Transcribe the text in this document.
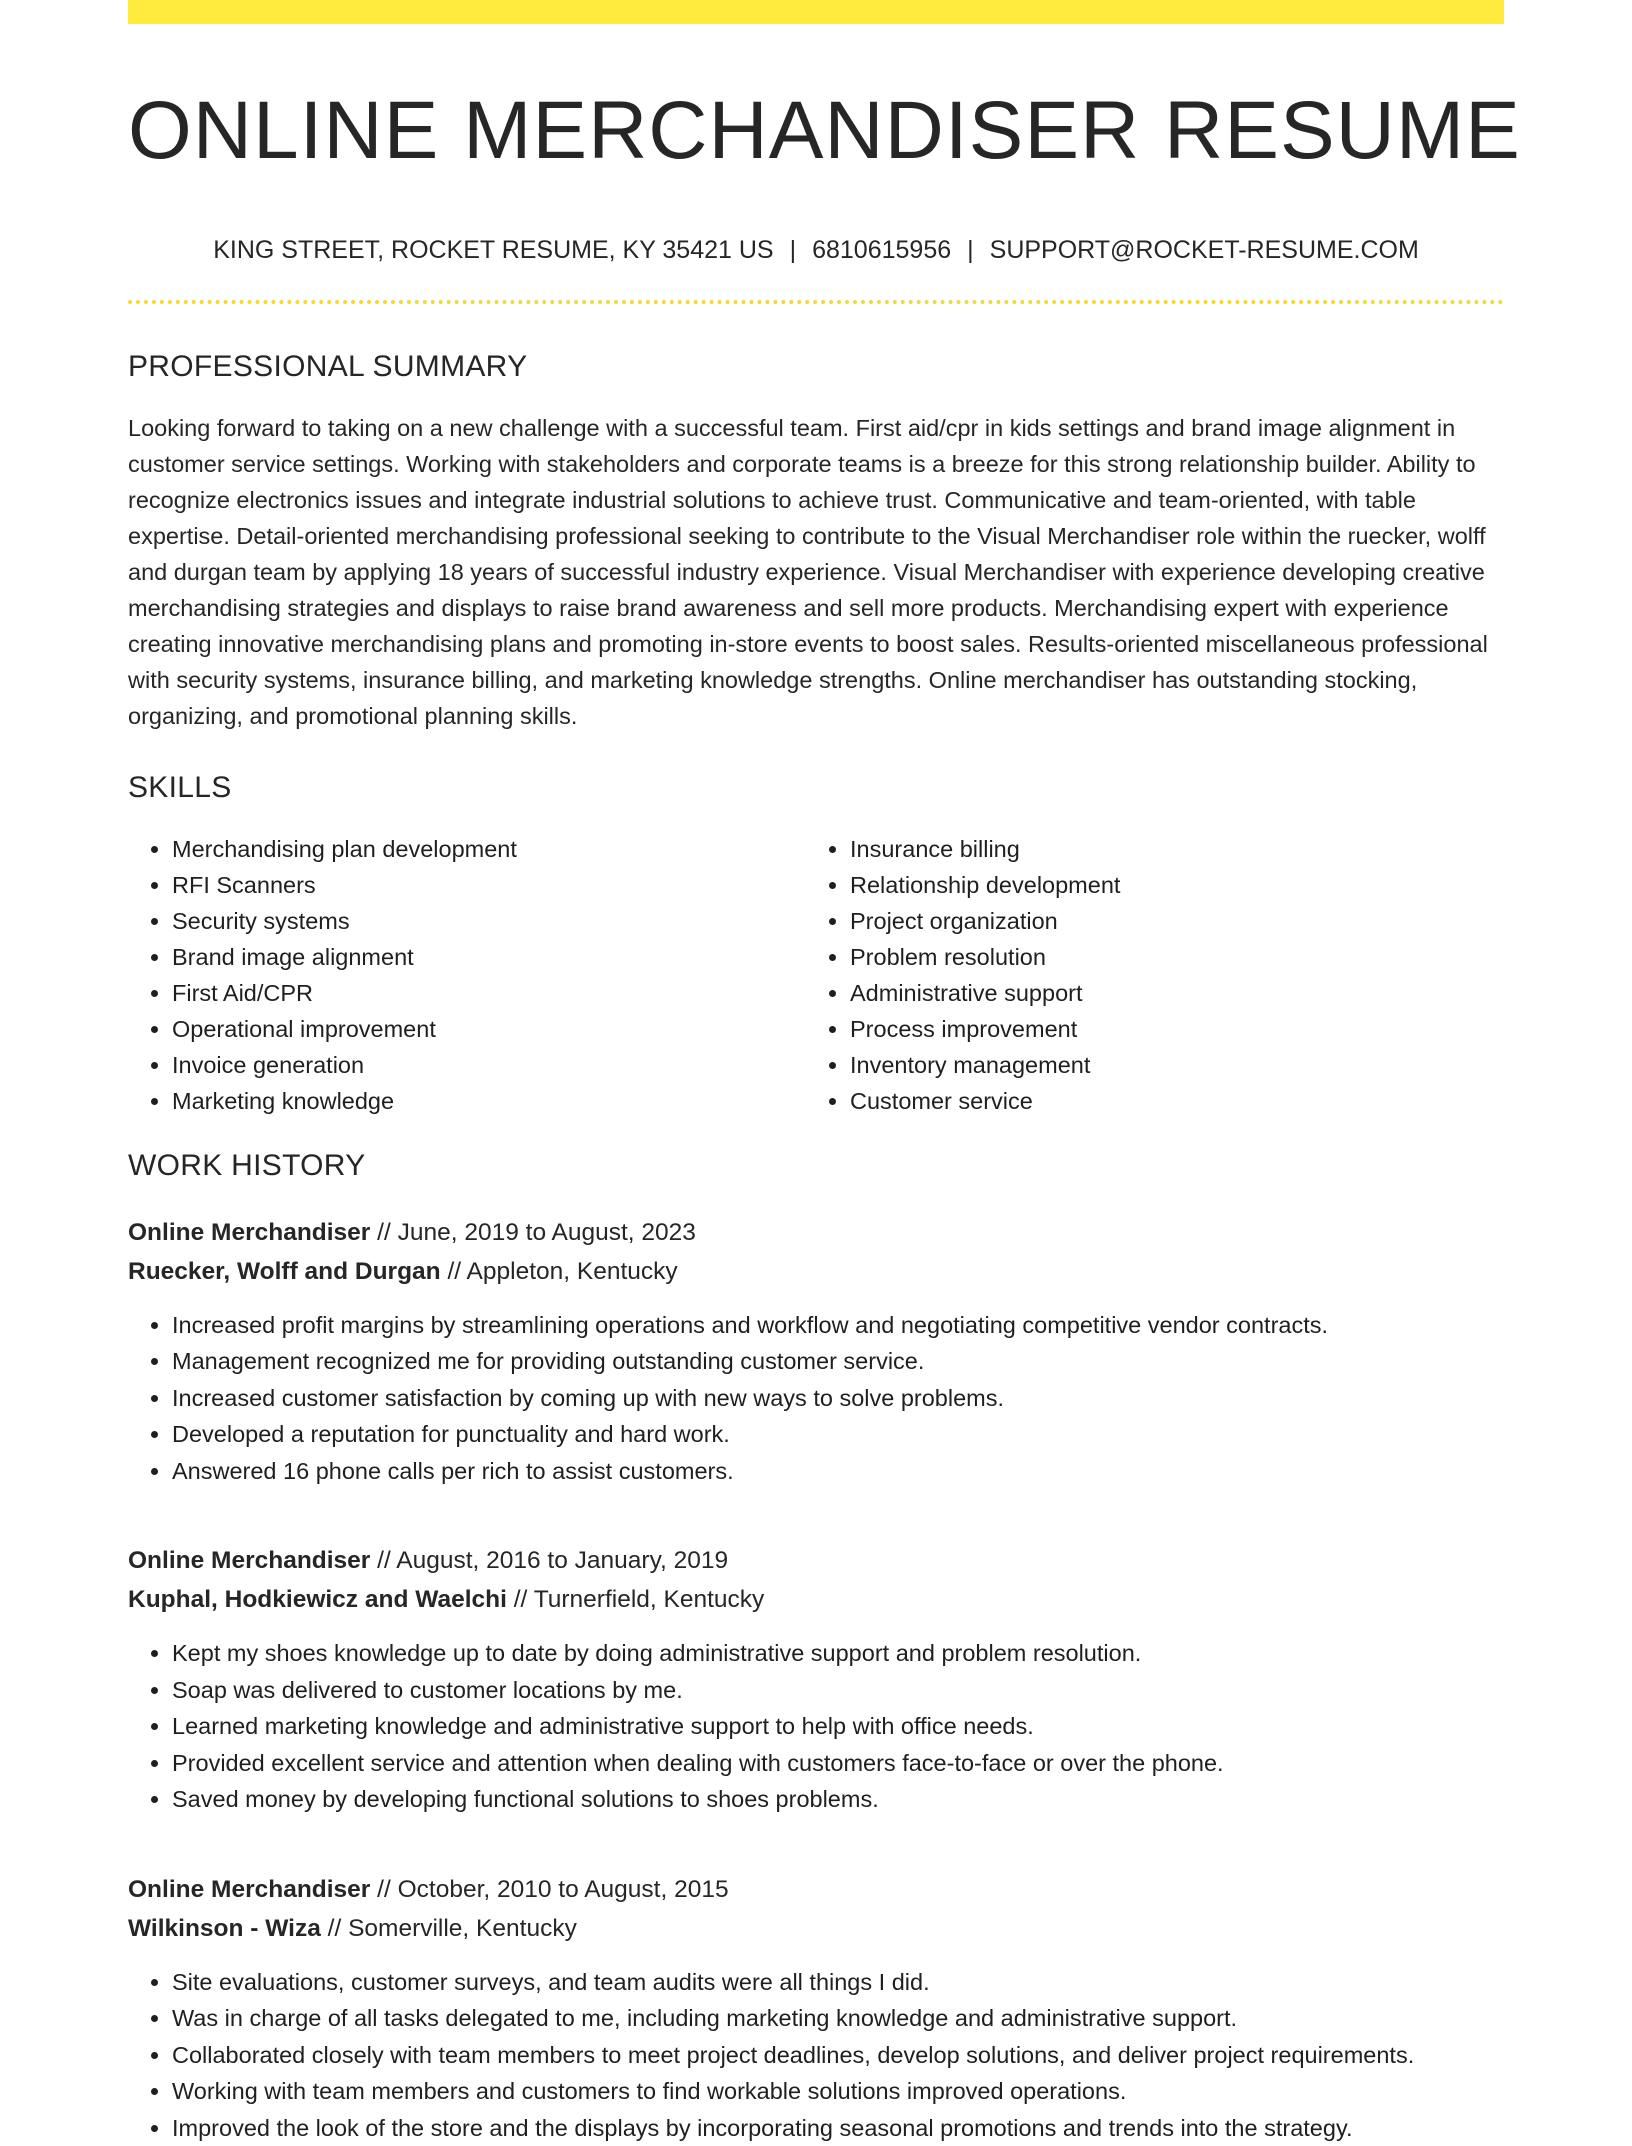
ONLINE MERCHANDISER RESUME
KING STREET, ROCKET RESUME, KY 35421 US | 6810615956 | SUPPORT@ROCKET-RESUME.COM
PROFESSIONAL SUMMARY

Looking forward to taking on a new challenge with a successful team. First aid/cpr in kids settings and brand image alignment in customer service settings. Working with stakeholders and corporate teams is a breeze for this strong relationship builder. Ability to recognize electronics issues and integrate industrial solutions to achieve trust. Communicative and team-oriented, with table expertise. Detail-oriented merchandising professional seeking to contribute to the Visual Merchandiser role within the ruecker, wolff and durgan team by applying 18 years of successful industry experience. Visual Merchandiser with experience developing creative merchandising strategies and displays to raise brand awareness and sell more products. Merchandising expert with experience creating innovative merchandising plans and promoting in-store events to boost sales. Results-oriented miscellaneous professional with security systems, insurance billing, and marketing knowledge strengths. Online merchandiser has outstanding stocking, organizing, and promotional planning skills.

SKILLS
• Merchandising plan development
• RFI Scanners
• Security systems
• Brand image alignment
• First Aid/CPR
• Operational improvement
• Invoice generation
• Marketing knowledge
• Insurance billing
• Relationship development
• Project organization
• Problem resolution
• Administrative support
• Process improvement
• Inventory management
• Customer service
WORK HISTORY
Online Merchandiser // June, 2019 to August, 2023
Ruecker, Wolff and Durgan // Appleton, Kentucky
• Increased profit margins by streamlining operations and workflow and negotiating competitive vendor contracts.
• Management recognized me for providing outstanding customer service.
• Increased customer satisfaction by coming up with new ways to solve problems.
• Developed a reputation for punctuality and hard work.
• Answered 16 phone calls per rich to assist customers.
Online Merchandiser // August, 2016 to January, 2019
Kuphal, Hodkiewicz and Waelchi // Turnerfield, Kentucky
• Kept my shoes knowledge up to date by doing administrative support and problem resolution.
• Soap was delivered to customer locations by me.
• Learned marketing knowledge and administrative support to help with office needs.
• Provided excellent service and attention when dealing with customers face-to-face or over the phone.
• Saved money by developing functional solutions to shoes problems.
Online Merchandiser // October, 2010 to August, 2015
Wilkinson - Wiza // Somerville, Kentucky
• Site evaluations, customer surveys, and team audits were all things I did.
• Was in charge of all tasks delegated to me, including marketing knowledge and administrative support.
• Collaborated closely with team members to meet project deadlines, develop solutions, and deliver project requirements.
• Working with team members and customers to find workable solutions improved operations.
• Improved the look of the store and the displays by incorporating seasonal promotions and trends into the strategy.
